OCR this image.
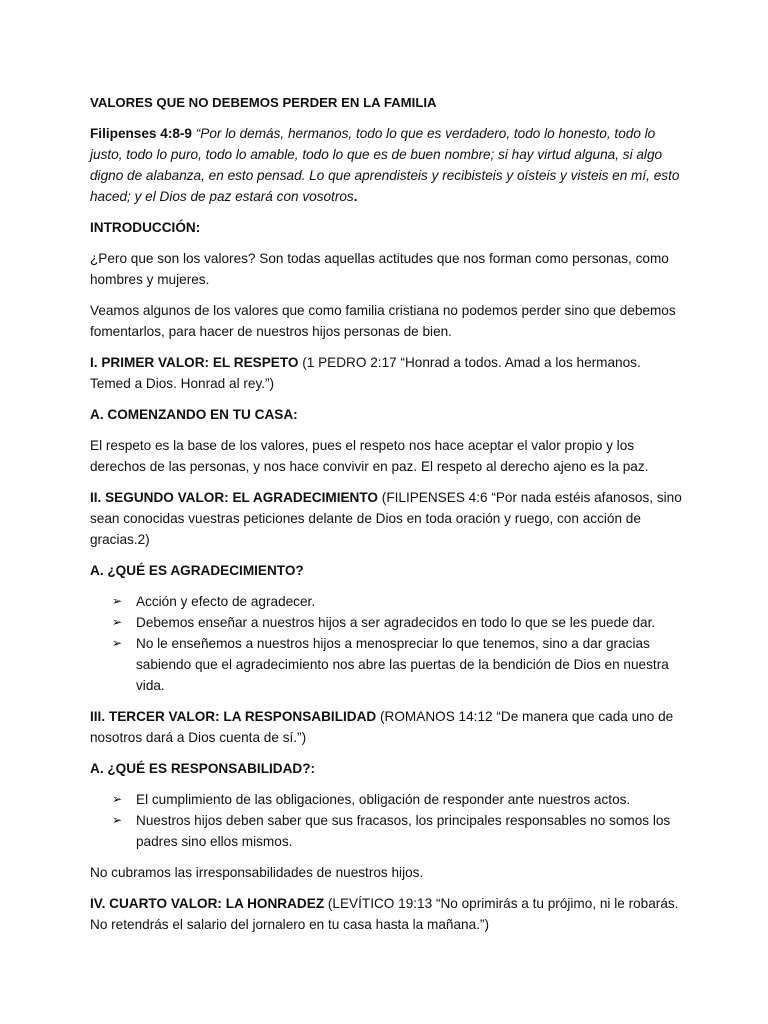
VALORES QUE NO DEBEMOS PERDER EN LA FAMILIA

Filipenses 4:8-9 “Por lo demás, hermanos, todo lo que es verdadero, todo lo honesto, todo lo justo, todo lo puro, todo lo amable, todo lo que es de buen nombre; si hay virtud alguna, si algo digno de alabanza, en esto pensad. Lo que aprendisteis y recibisteis y oísteis y visteis en mí, esto haced; y el Dios de paz estará con vosotros.

INTRODUCCIÓN:

¿Pero que son los valores? Son todas aquellas actitudes que nos forman como personas, como hombres y mujeres.

Veamos algunos de los valores que como familia cristiana no podemos perder sino que debemos fomentarlos, para hacer de nuestros hijos personas de bien.

I. PRIMER VALOR: EL RESPETO (1 PEDRO 2:17 “Honrad a todos. Amad a los hermanos. Temed a Dios. Honrad al rey.”)

A. COMENZANDO EN TU CASA:

El respeto es la base de los valores, pues el respeto nos hace aceptar el valor propio y los derechos de las personas, y nos hace convivir en paz. El respeto al derecho ajeno es la paz.

II. SEGUNDO VALOR: EL AGRADECIMIENTO (FILIPENSES 4:6 “Por nada estéis afanosos, sino sean conocidas vuestras peticiones delante de Dios en toda oración y ruego, con acción de gracias.2)

A. ¿QUÉ ES AGRADECIMIENTO?

➢ Acción y efecto de agradecer.
➢ Debemos enseñar a nuestros hijos a ser agradecidos en todo lo que se les puede dar.
➢ No le enseñemos a nuestros hijos a menospreciar lo que tenemos, sino a dar gracias sabiendo que el agradecimiento nos abre las puertas de la bendición de Dios en nuestra vida.

III. TERCER VALOR: LA RESPONSABILIDAD (ROMANOS 14:12 “De manera que cada uno de nosotros dará a Dios cuenta de sí.”)

A. ¿QUÉ ES RESPONSABILIDAD?:

➢ El cumplimiento de las obligaciones, obligación de responder ante nuestros actos.
➢ Nuestros hijos deben saber que sus fracasos, los principales responsables no somos los padres sino ellos mismos.

No cubramos las irresponsabilidades de nuestros hijos.

IV. CUARTO VALOR: LA HONRADEZ (LEVÍTICO 19:13 “No oprimirás a tu prójimo, ni le robarás. No retendrás el salario del jornalero en tu casa hasta la mañana.”)
